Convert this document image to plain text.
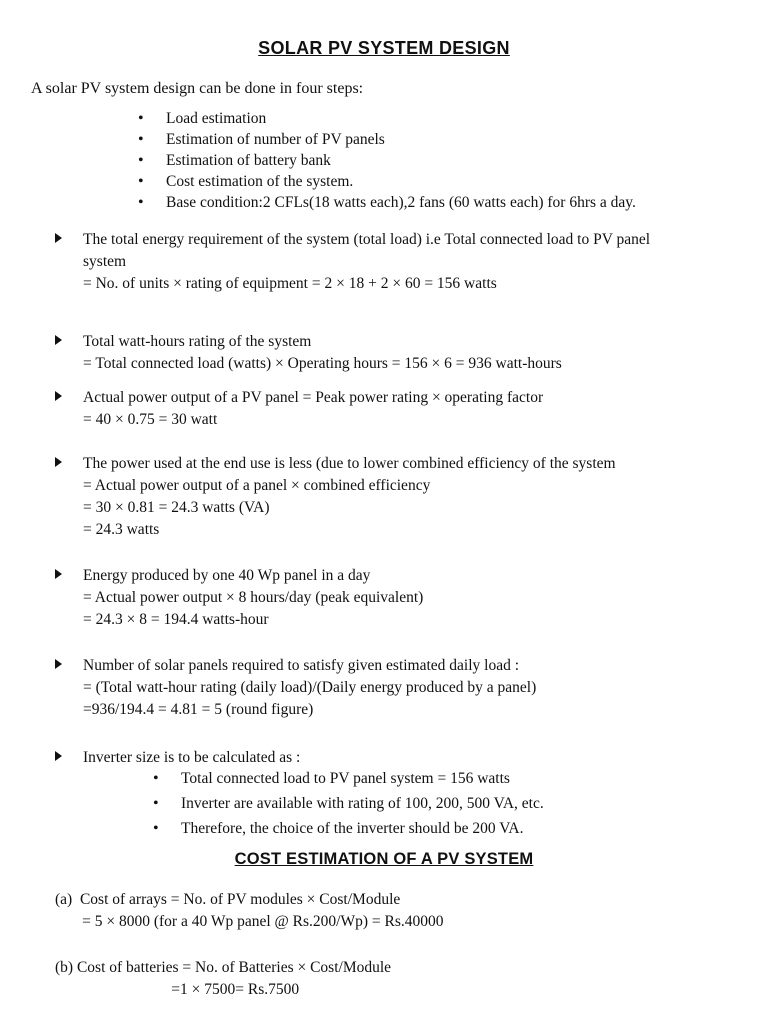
SOLAR PV SYSTEM DESIGN
A solar PV system design can be done in four steps:
• Load estimation
• Estimation of number of PV panels
• Estimation of battery bank
• Cost estimation of the system.
• Base condition:2 CFLs(18 watts each),2 fans (60 watts each) for 6hrs a day.
The total energy requirement of the system (total load) i.e Total connected load to PV panel
system
= No. of units × rating of equipment = 2 × 18 + 2 × 60 = 156 watts
Total watt-hours rating of the system
= Total connected load (watts) × Operating hours = 156 × 6 = 936 watt-hours
Actual power output of a PV panel = Peak power rating × operating factor
= 40 × 0.75 = 30 watt
The power used at the end use is less (due to lower combined efficiency of the system
= Actual power output of a panel × combined efficiency
= 30 × 0.81 = 24.3 watts (VA)
= 24.3 watts
Energy produced by one 40 Wp panel in a day
= Actual power output × 8 hours/day (peak equivalent)
= 24.3 × 8 = 194.4 watts-hour
Number of solar panels required to satisfy given estimated daily load :
= (Total watt-hour rating (daily load)/(Daily energy produced by a panel)
=936/194.4 = 4.81 = 5 (round figure)
Inverter size is to be calculated as :
• Total connected load to PV panel system = 156 watts
• Inverter are available with rating of 100, 200, 500 VA, etc.
• Therefore, the choice of the inverter should be 200 VA.
COST ESTIMATION OF A PV SYSTEM
(a)  Cost of arrays = No. of PV modules × Cost/Module
= 5 × 8000 (for a 40 Wp panel @ Rs.200/Wp) = Rs.40000
(b) Cost of batteries = No. of Batteries × Cost/Module
=1 × 7500= Rs.7500
